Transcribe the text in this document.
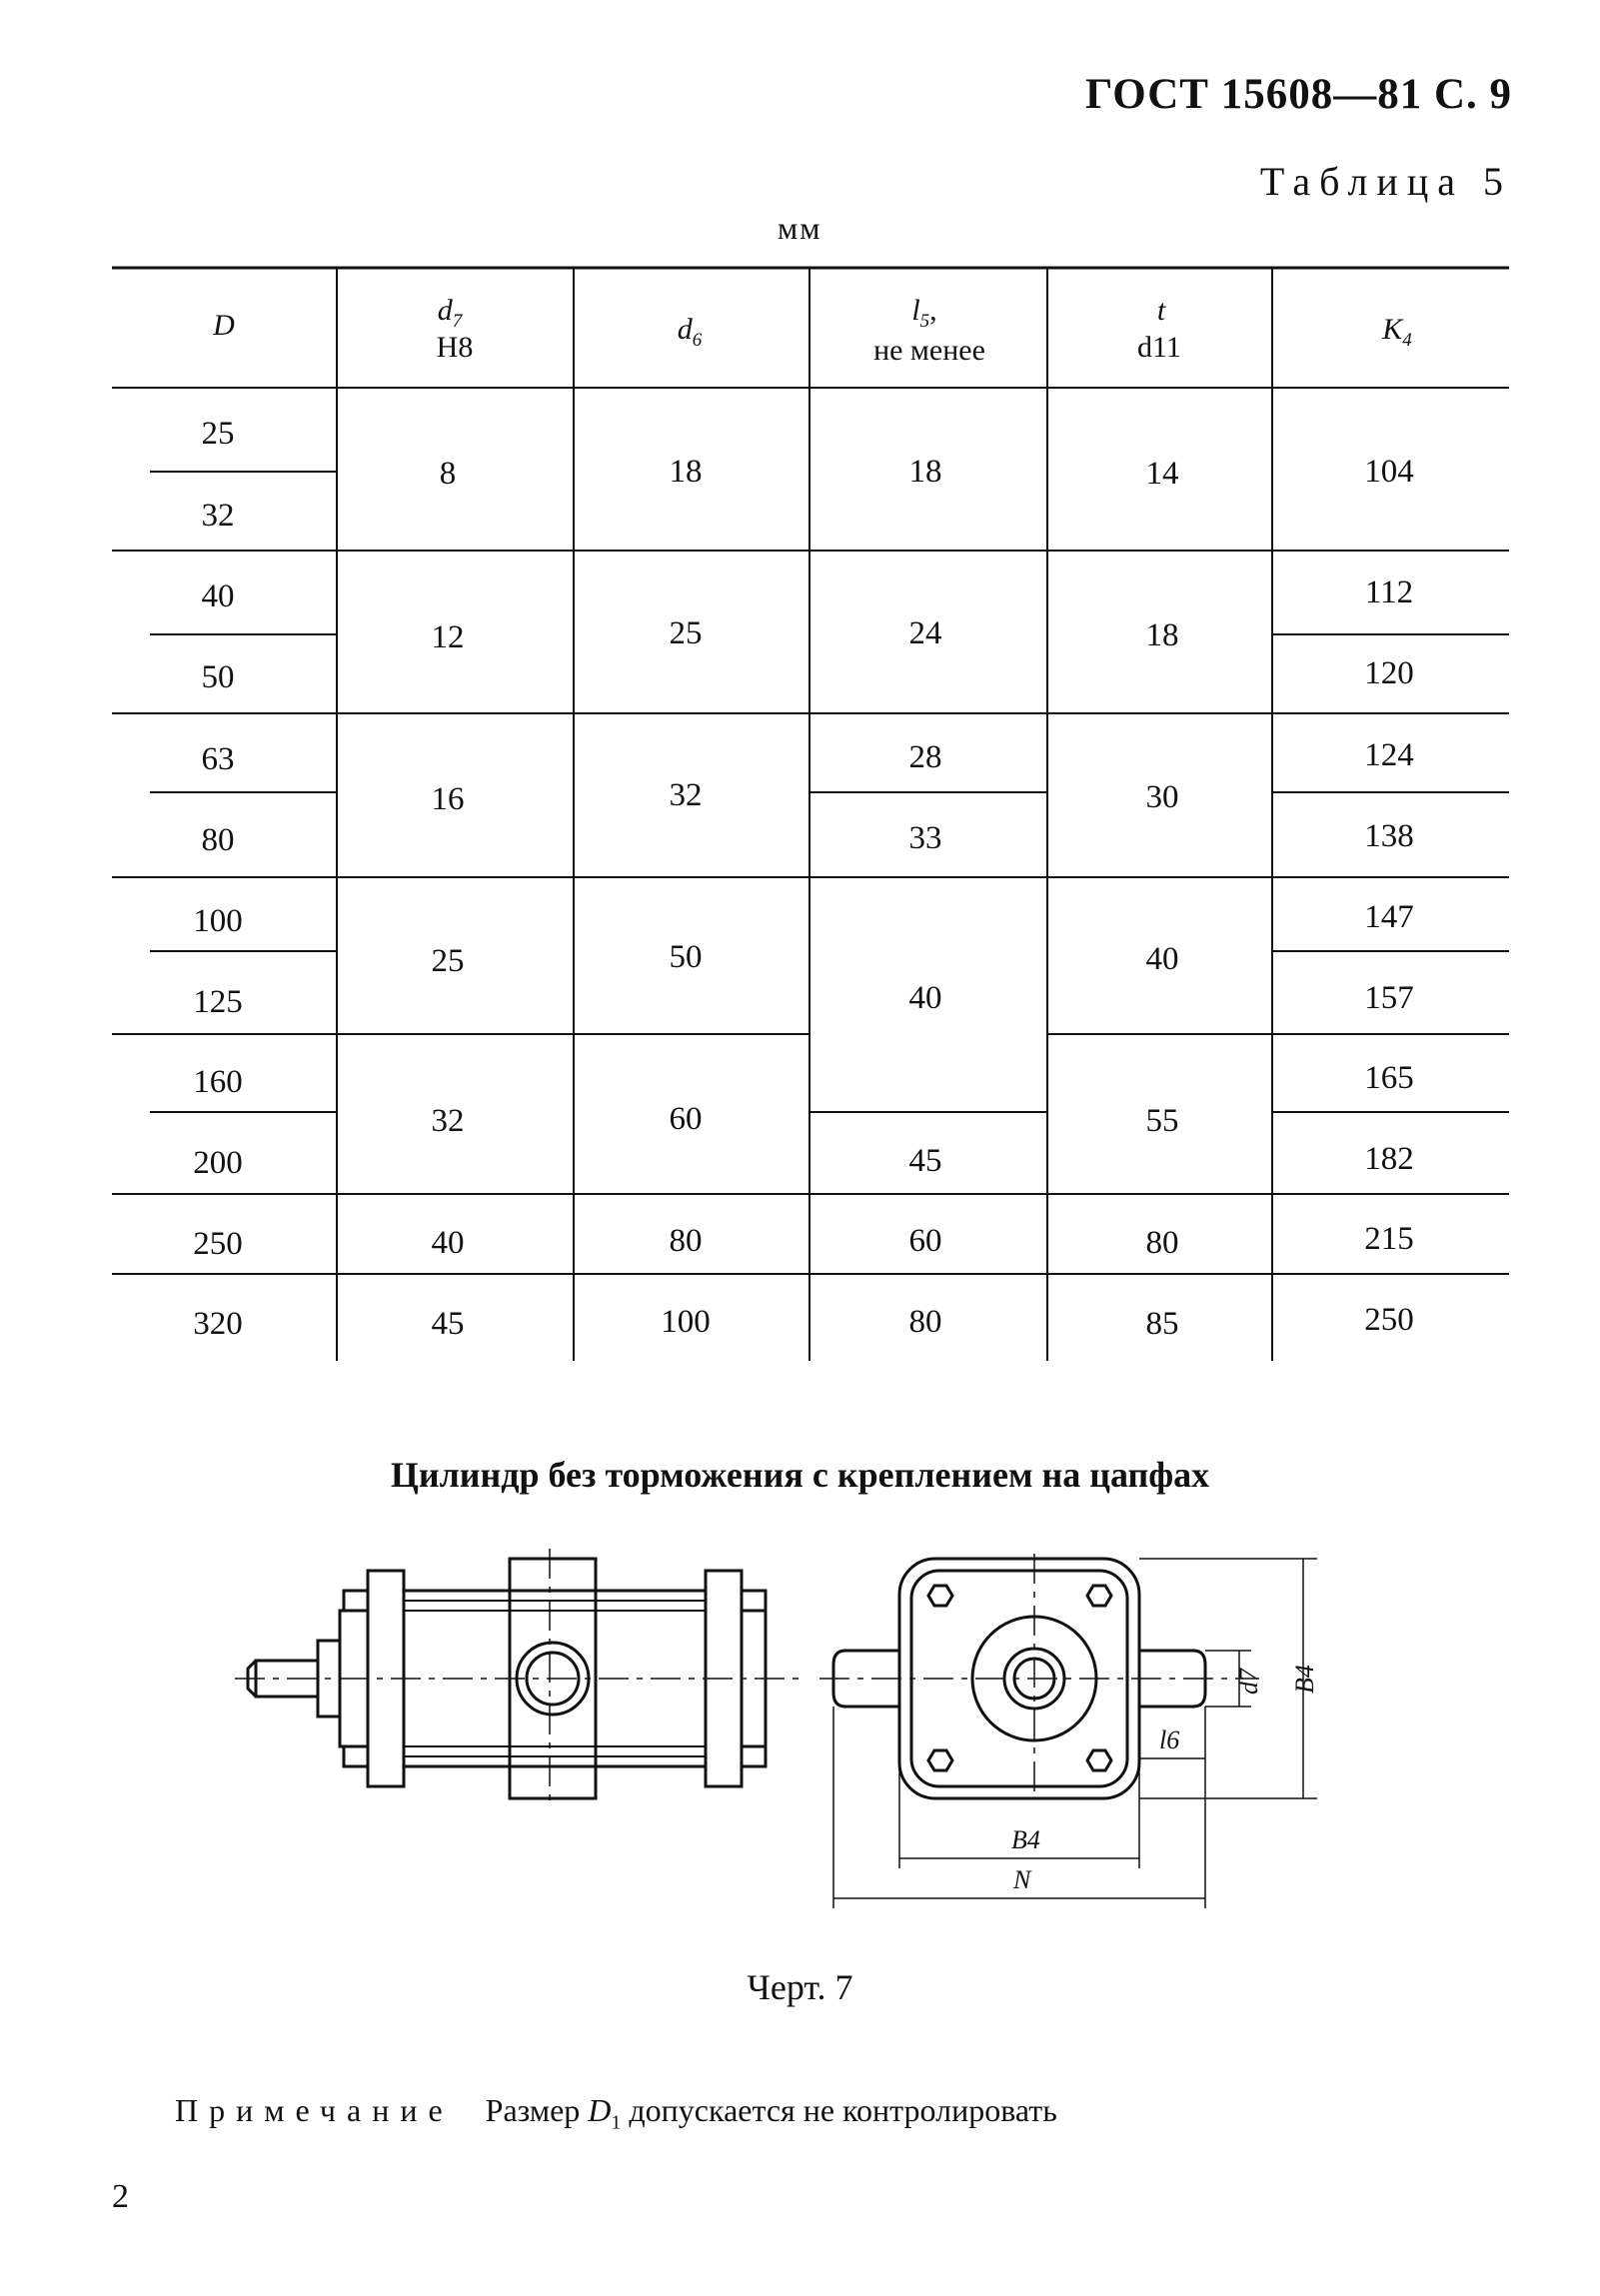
ГОСТ 15608—81 С. 9
Таблица 5
мм
D	$d_7$
H8
$d_6$
$l_5$,
не менее
t
d11
$K_4$
25
32
40
50
63
80
100
125
160
200
250
320
8
12
16
25
32
40
45
18
25
32
50
60
80
100
18
24
28
33
40
45
60
80
14
18
30
40
55
80
85
104
112
120
124
138
147
157
165
182
215
250
Цилиндр без торможения с креплением на цапфах
B4
d7
l6
B4
N
Черт. 7
Примечание Размер $D_1$ допускается не контролировать
2
